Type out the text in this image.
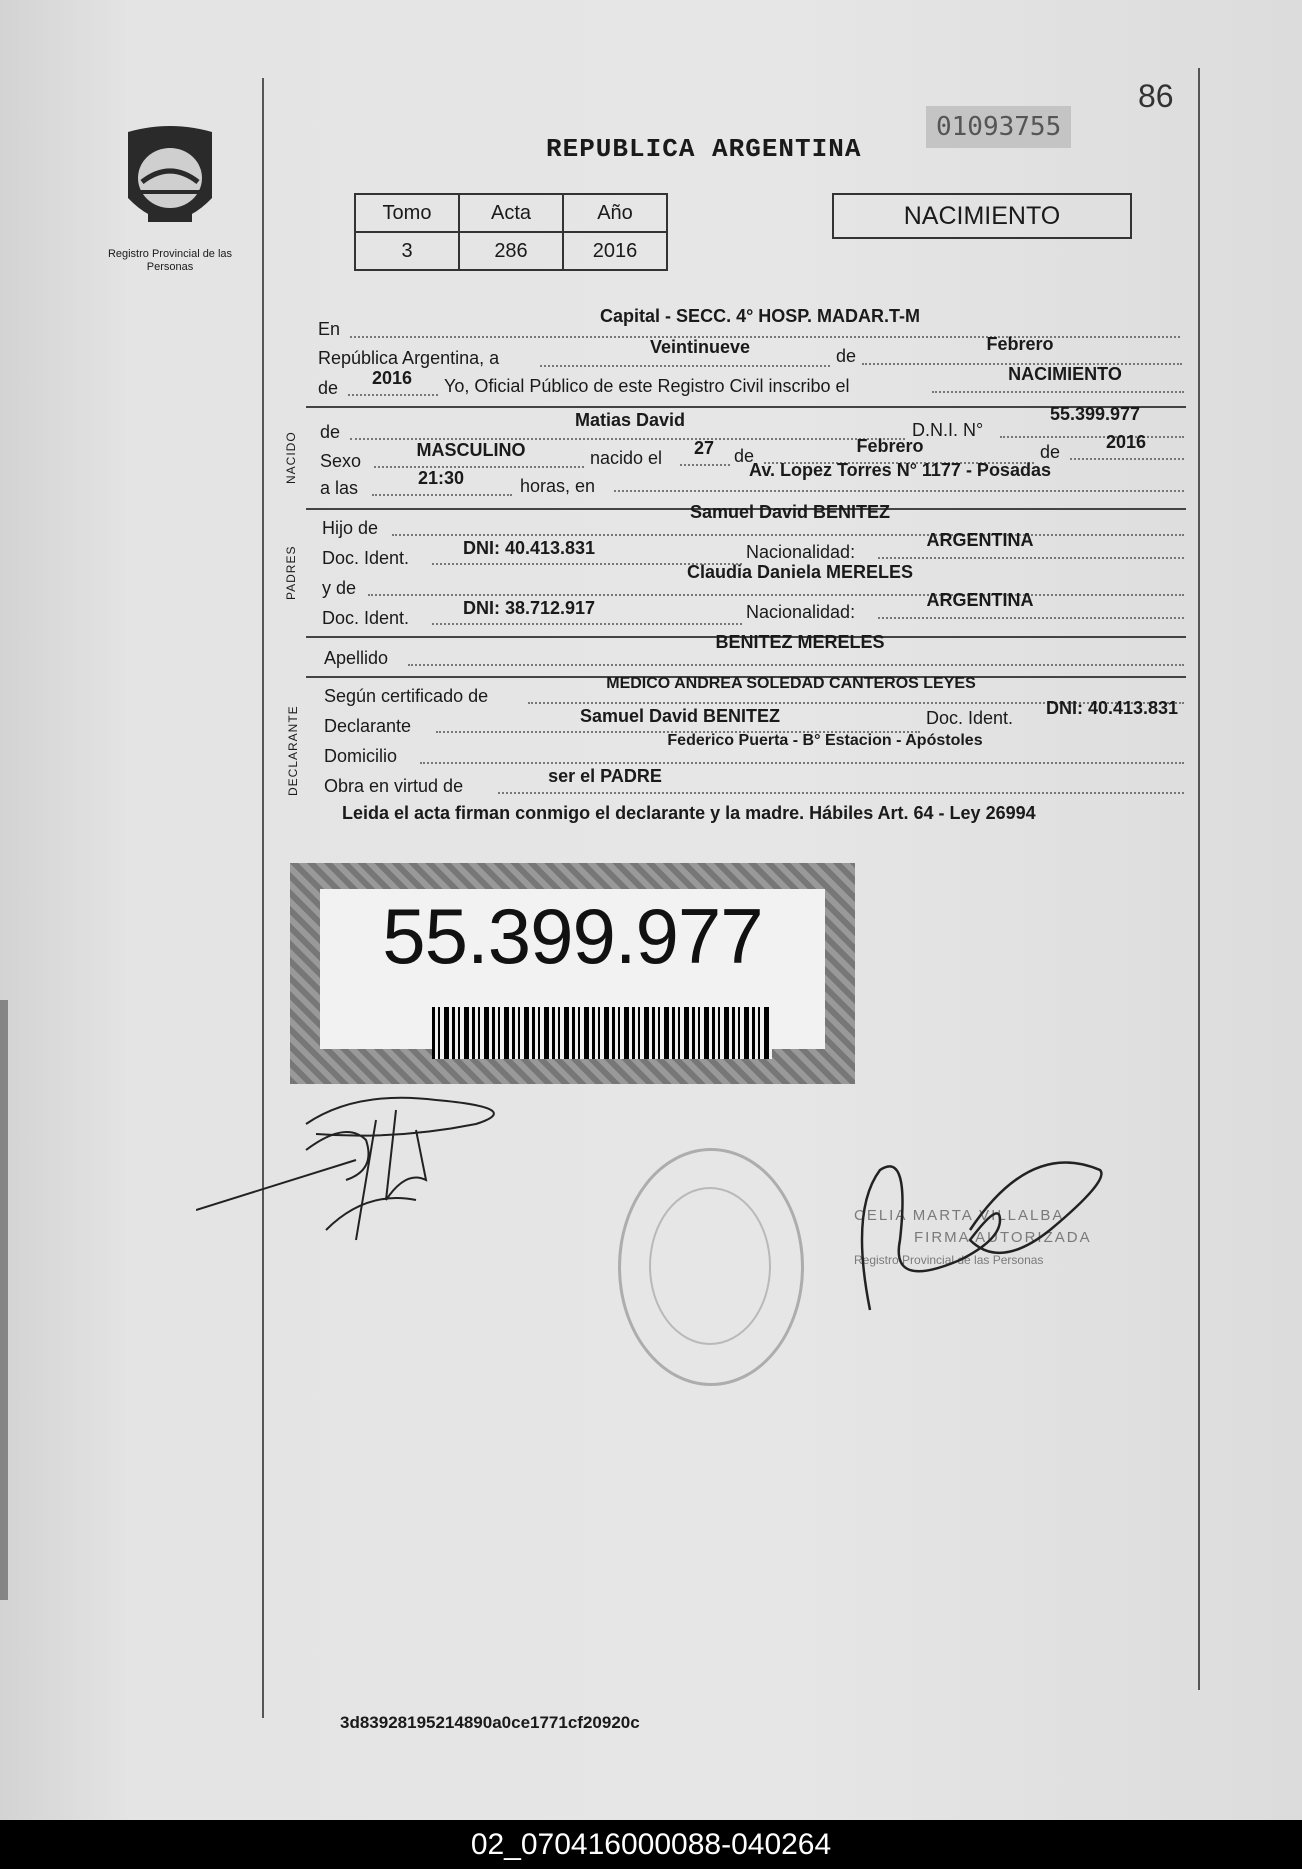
86
Registro Provincial de las Personas
REPUBLICA ARGENTINA
01093755
Tomo	Acta	Año
3	286	2016
NACIMIENTO
En
Capital - SECC. 4° HOSP. MADAR.T-M
República Argentina, a
Veintinueve	de
Febrero
de	2016	Yo, Oficial Público de este Registro Civil inscribo el
NACIMIENTO
NACIDO de
Matias David	D.N.I. N°
55.399.977
Sexo
MASCULINO	nacido el	27	de	Febrero	de	2016
a las	21:30	horas, en
Av. Lopez Torres N° 1177 - Posadas
PADRES
Hijo de
Samuel David BENITEZ
Doc. Ident.	DNI: 40.413.831	Nacionalidad:
ARGENTINA
y de
Claudia Daniela MERELES
Doc. Ident.	DNI: 38.712.917	Nacionalidad:
ARGENTINA
Apellido
BENITEZ MERELES
DECLARANTE
Según certificado de
MEDICO ANDREA SOLEDAD CANTEROS LEYES
Declarante	Samuel David BENITEZ	Doc. Ident.	DNI: 40.413.831
Domicilio
Federico Puerta - B° Estacion - Apóstoles
Obra en virtud de	ser el PADRE
Leida el acta firman conmigo el declarante y la madre. Hábiles Art. 64 - Ley 26994
55.399.977
CELIA MARTA VILLALBA
FIRMA AUTORIZADA
Registro Provincial de las Personas
3d83928195214890a0ce1771cf20920c
02_070416000088-040264
